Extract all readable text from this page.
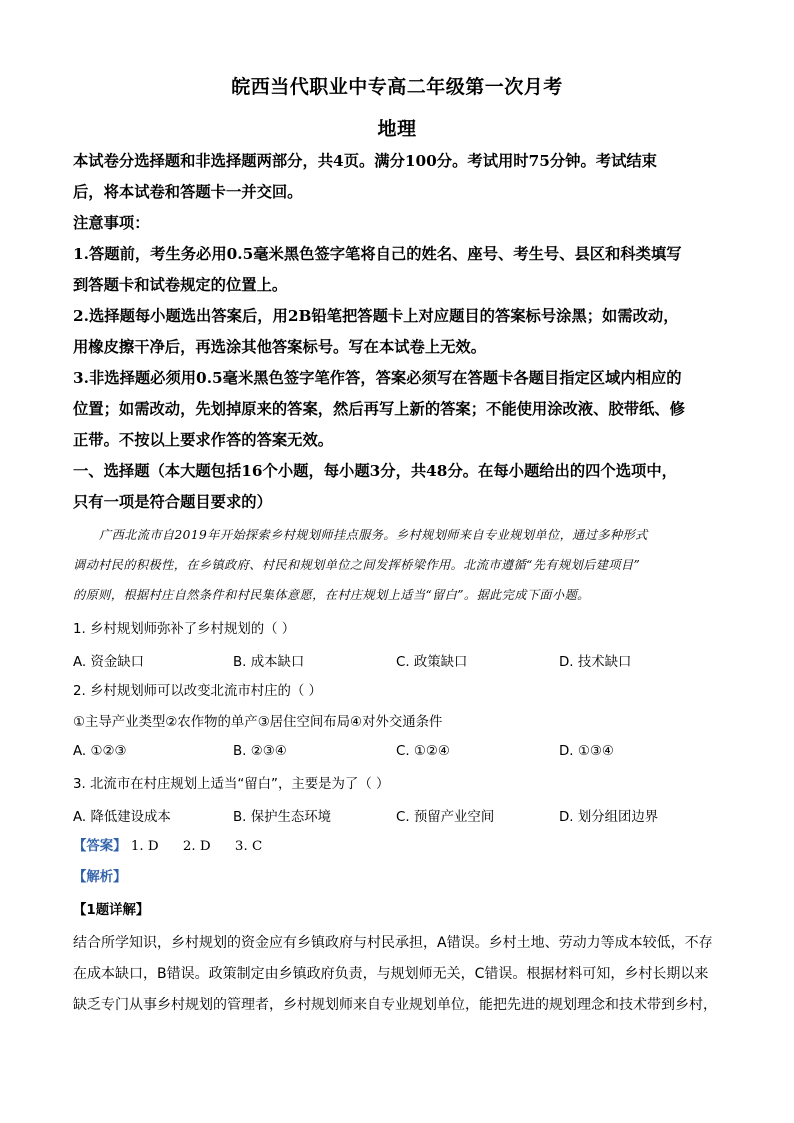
皖西当代职业中专高二年级第一次月考
地理

本试卷分选择题和非选择题两部分，共4页。满分100分。考试用时75分钟。考试结束

后，将本试卷和答题卡一并交回。

注意事项：

1.答题前，考生务必用0.5毫米黑色签字笔将自己的姓名、座号、考生号、县区和科类填写

到答题卡和试卷规定的位置上。

2.选择题每小题选出答案后，用2B铅笔把答题卡上对应题目的答案标号涂黑；如需改动，

用橡皮擦干净后，再选涂其他答案标号。写在本试卷上无效。

3.非选择题必须用0.5毫米黑色签字笔作答，答案必须写在答题卡各题目指定区域内相应的

位置；如需改动，先划掉原来的答案，然后再写上新的答案；不能使用涂改液、胶带纸、修

正带。不按以上要求作答的答案无效。

一、选择题（本大题包括16个小题，每小题3分，共48分。在每小题给出的四个选项中，

只有一项是符合题目要求的）

广西北流市自2019年开始探索乡村规划师挂点服务。乡村规划师来自专业规划单位，通过多种形式

调动村民的积极性，在乡镇政府、村民和规划单位之间发挥桥梁作用。北流市遵循“先有规划后建项目”

的原则，根据村庄自然条件和村民集体意愿，在村庄规划上适当“留白”。据此完成下面小题。

1. 乡村规划师弥补了乡村规划的（ ）
A. 资金缺口	B. 成本缺口	C. 政策缺口	D. 技术缺口
2. 乡村规划师可以改变北流市村庄的（ ）
①主导产业类型②农作物的单产③居住空间布局④对外交通条件
A. ①②③	B. ②③④	C. ①②④	D. ①③④
3. 北流市在村庄规划上适当“留白”，主要是为了（ ）
A. 降低建设成本	B. 保护生态环境	C. 预留产业空间	D. 划分组团边界
【答案】 1. D 2. D 3. C
【解析】
【1题详解】

结合所学知识，乡村规划的资金应有乡镇政府与村民承担，A错误。乡村土地、劳动力等成本较低，不存

在成本缺口，B错误。政策制定由乡镇政府负责，与规划师无关，C错误。根据材料可知，乡村长期以来

缺乏专门从事乡村规划的管理者，乡村规划师来自专业规划单位，能把先进的规划理念和技术带到乡村，
